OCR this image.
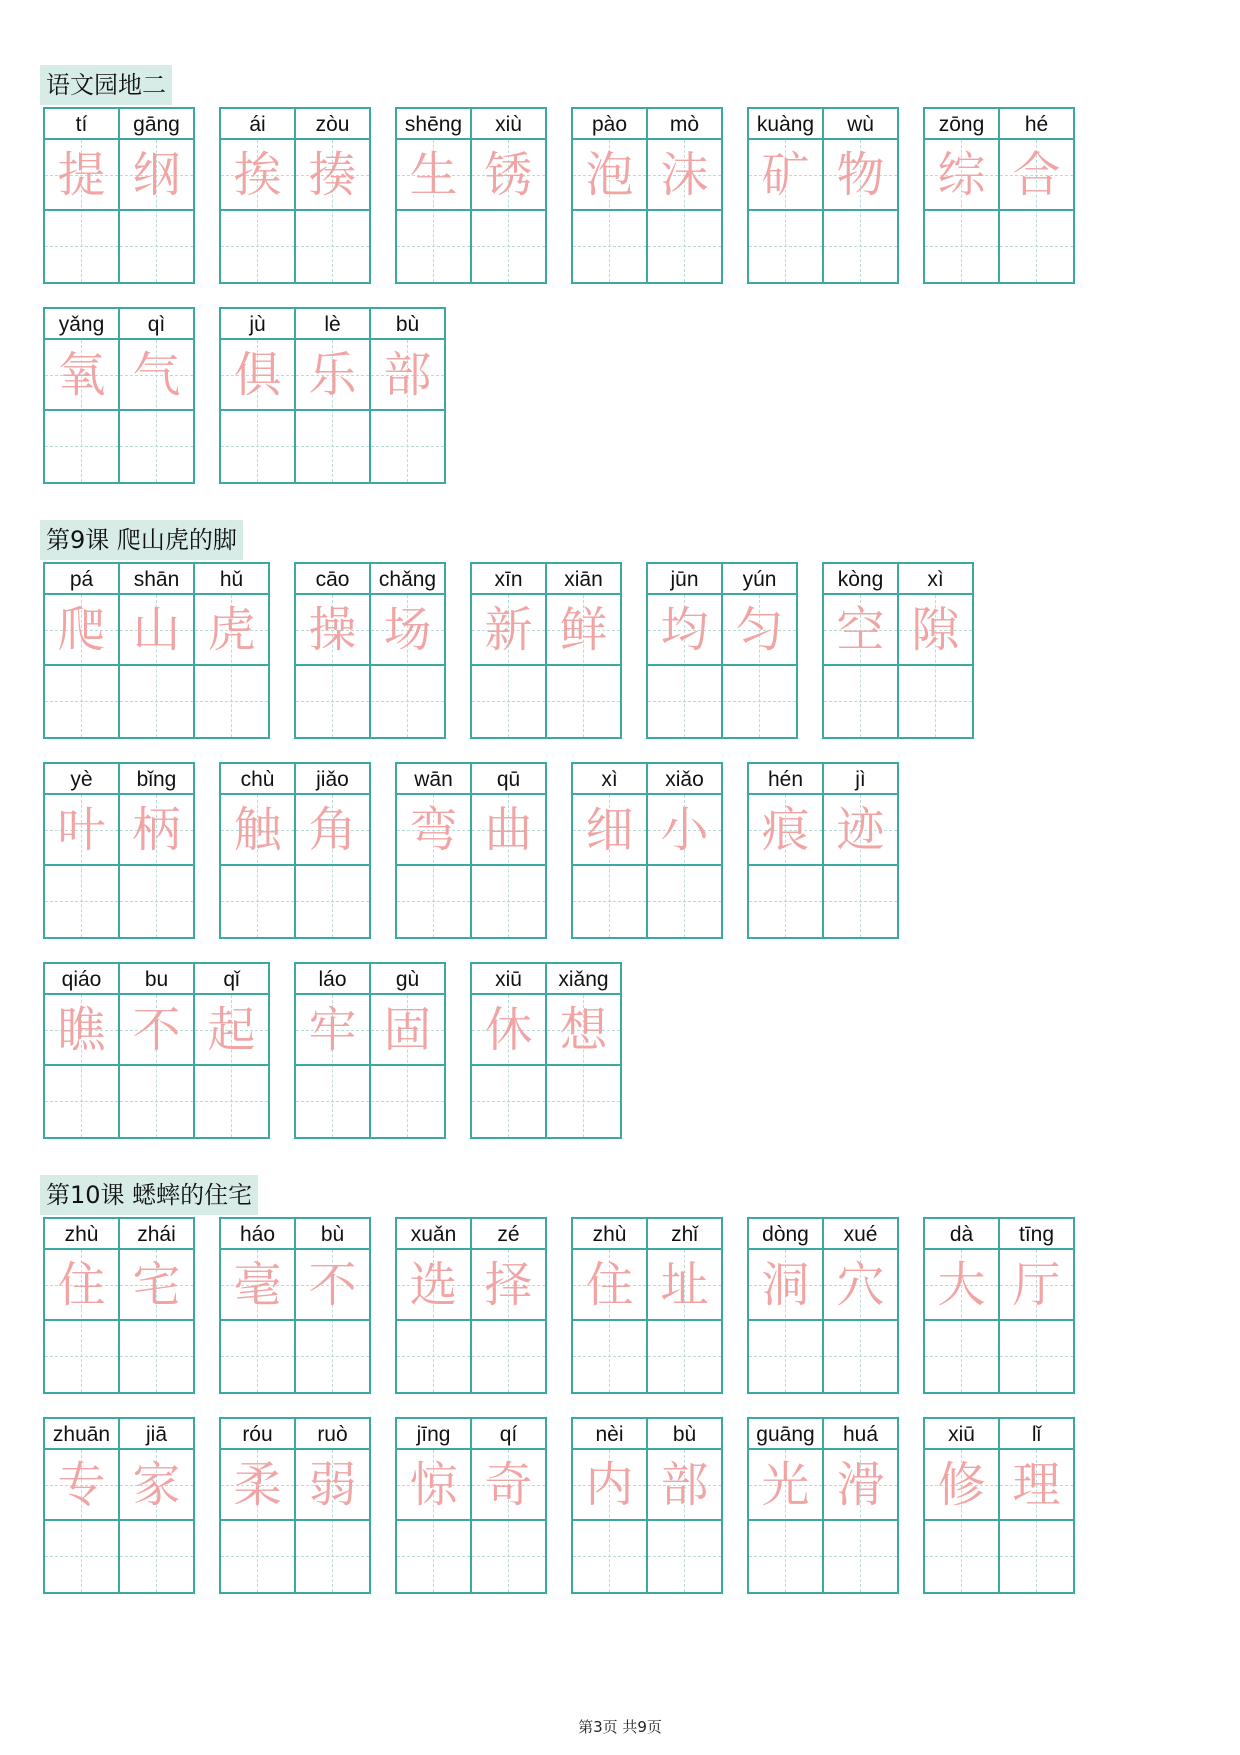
语文园地二
tí
提
gāng
纲
ái
挨
zòu
揍
shēng
生
xiù
锈
pào
泡
mò
沫
kuàng
矿
wù
物
zōng
综
hé
合
yǎng
氧
qì
气
jù
俱
lè
乐
bù
部
第9课 爬山虎的脚
pá
爬
shān
山
hǔ
虎
cāo
操
chǎng
场
xīn
新
xiān
鲜
jūn
均
yún
匀
kòng
空
xì
隙
yè
叶
bǐng
柄
chù
触
jiǎo
角
wān
弯
qū
曲
xì
细
xiǎo
小
hén
痕
jì
迹
qiáo
瞧
bu
不
qǐ
起
láo
牢
gù
固
xiū
休
xiǎng
想
第10课 蟋蟀的住宅
zhù
住
zhái
宅
háo
毫
bù
不
xuǎn
选
zé
择
zhù
住
zhǐ
址
dòng
洞
xué
穴
dà
大
tīng
厅
zhuān
专
jiā
家
róu
柔
ruò
弱
jīng
惊
qí
奇
nèi
内
bù
部
guāng
光
huá
滑
xiū
修
lǐ
理
第3页 共9页
